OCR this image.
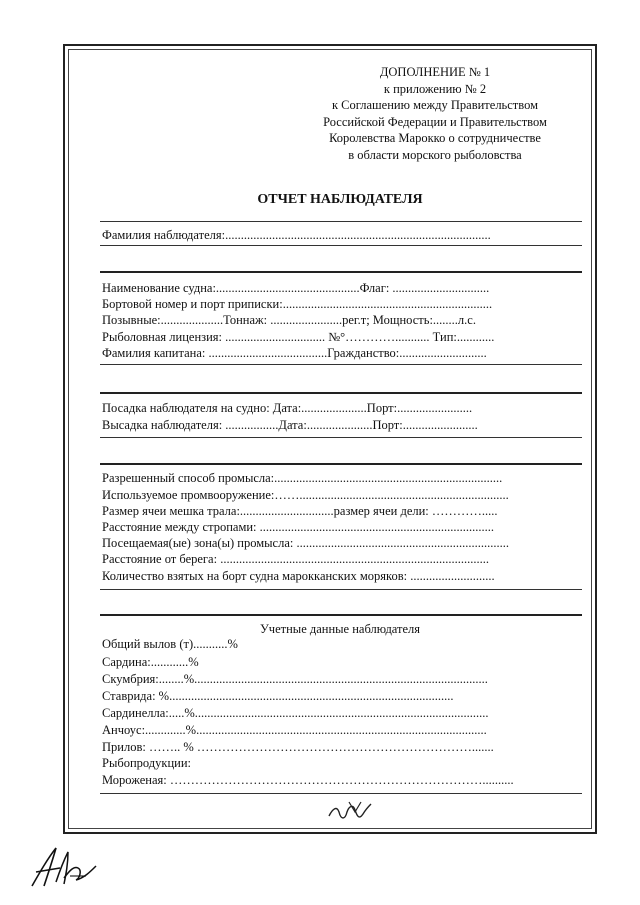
ДОПОЛНЕНИЕ № 1
к приложению № 2
к Соглашению между Правительством
Российской Федерации и Правительством
Королевства Марокко о сотрудничестве
в области морского рыболовства
ОТЧЕТ НАБЛЮДАТЕЛЯ
Фамилия наблюдателя:.....................................................................................
Наименование судна:..............................................Флаг: ...............................
Бортовой номер и порт приписки:...................................................................
Позывные:....................Тоннаж: .......................рег.т; Мощность:........л.с.
Рыболовная лицензия: ................................ №°…………........... Тип:............
Фамилия капитана: ......................................Гражданство:............................
Посадка наблюдателя на судно: Дата:.....................Порт:........................
Высадка наблюдателя: .................Дата:.....................Порт:........................
Разрешенный способ промысла:.........................................................................
Используемое промвооружение:……...................................................................
Размер ячеи мешка трала:..............................размер ячеи дели: ………….....
Расстояние между стропами: ...........................................................................
Посещаемая(ые) зона(ы) промысла: ....................................................................
Расстояние от берега: ......................................................................................
Количество взятых на борт судна марокканских моряков: ...........................
Учетные данные наблюдателя
Общий вылов (т)...........%
Сардина:............%
Скумбрия:........%..............................................................................................
Ставрида: %...........................................................................................
Сардинелла:.....%..............................................................................................
Анчоус:.............%.............................................................................................
Прилов: …….. % ………………………………………………………….......
Рыбопродукции:
Мороженая: …………………………………………………………………..........
